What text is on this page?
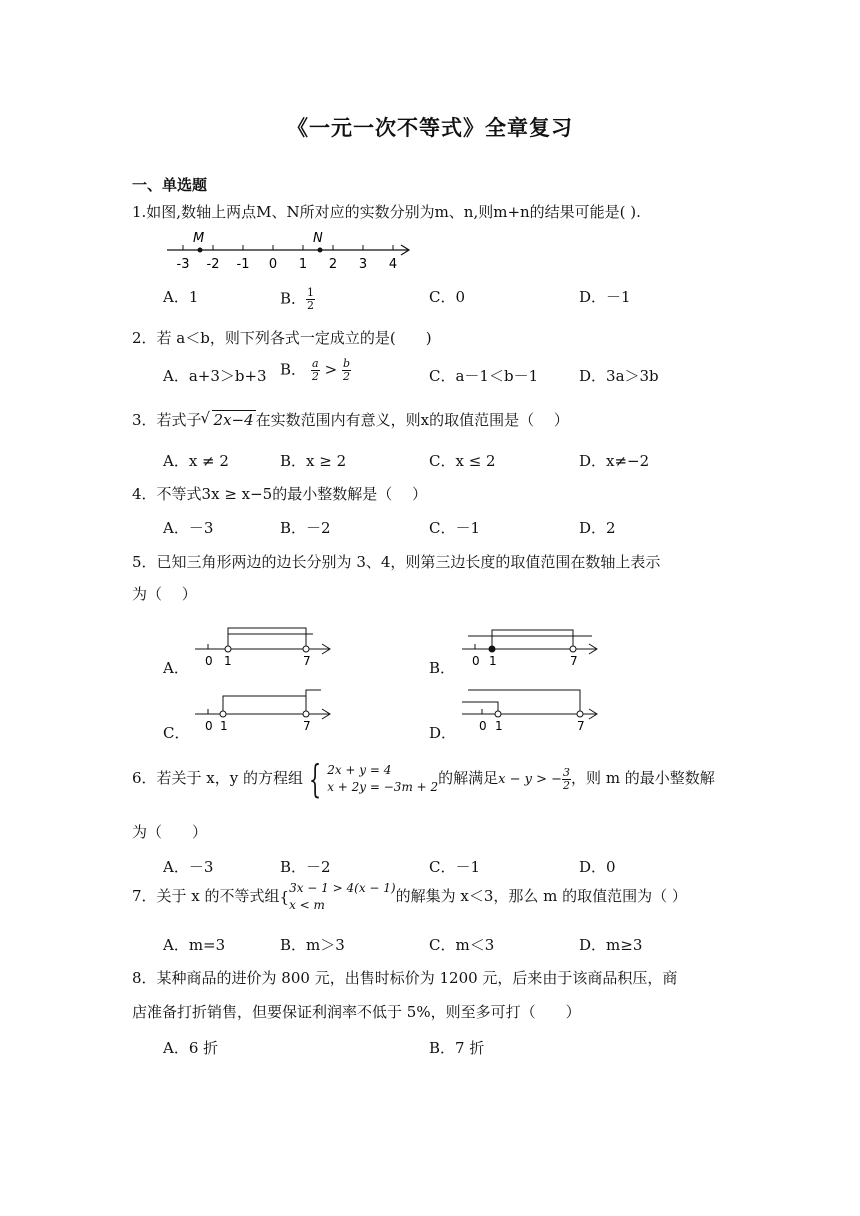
《一元一次不等式》全章复习
一、单选题
1.如图,数轴上两点M、N所对应的实数分别为m、n,则m+n的结果可能是( ).
M	N
-3 -2 -1 0 1 2 3 4
A．1	B． $\frac{1}{2}$	C．0	D．－1
2．若 a＜b，则下列各式一定成立的是(　　)
A．a+3＞b+3 B． $\frac{a}{2} > \frac{b}{2}$	C．a－1＜b－1	D．3a＞3b
3．若式子 √ 2x−4 在实数范围内有意义，则x的取值范围是（　 ）
A．x ≠ 2	B．x ≥ 2	C．x ≤ 2	D．x≠−2
4．不等式3x ≥ x−5的最小整数解是（　 ）
A．－3	B．－2	C．－1	D．2
5．已知三角形两边的边长分别为 3、4，则第三边长度的取值范围在数轴上表示
为（　 ）
A． 0 1	7	B． 0 1	7
C． 0 1	7	D． 0 1	7
6．若关于 x，y 的方程组 { 2x + y = 4
x + 2y = −3m + 2 的解满足x − y > − $\frac{3}{2}$ ，则 m 的最小整数解
为（　　）
A．－3	B．－2	C．－1	D．0
7．关于 x 的不等式组{ 3x − 1 > 4(x − 1)
x < m	的解集为 x＜3，那么 m 的取值范围为（ ）
A．m=3	B．m＞3	C．m＜3	D．m≥3
8．某种商品的进价为 800 元，出售时标价为 1200 元，后来由于该商品积压，商
店准备打折销售，但要保证利润率不低于 5%，则至多可打（　　）
A．6 折	B．7 折
